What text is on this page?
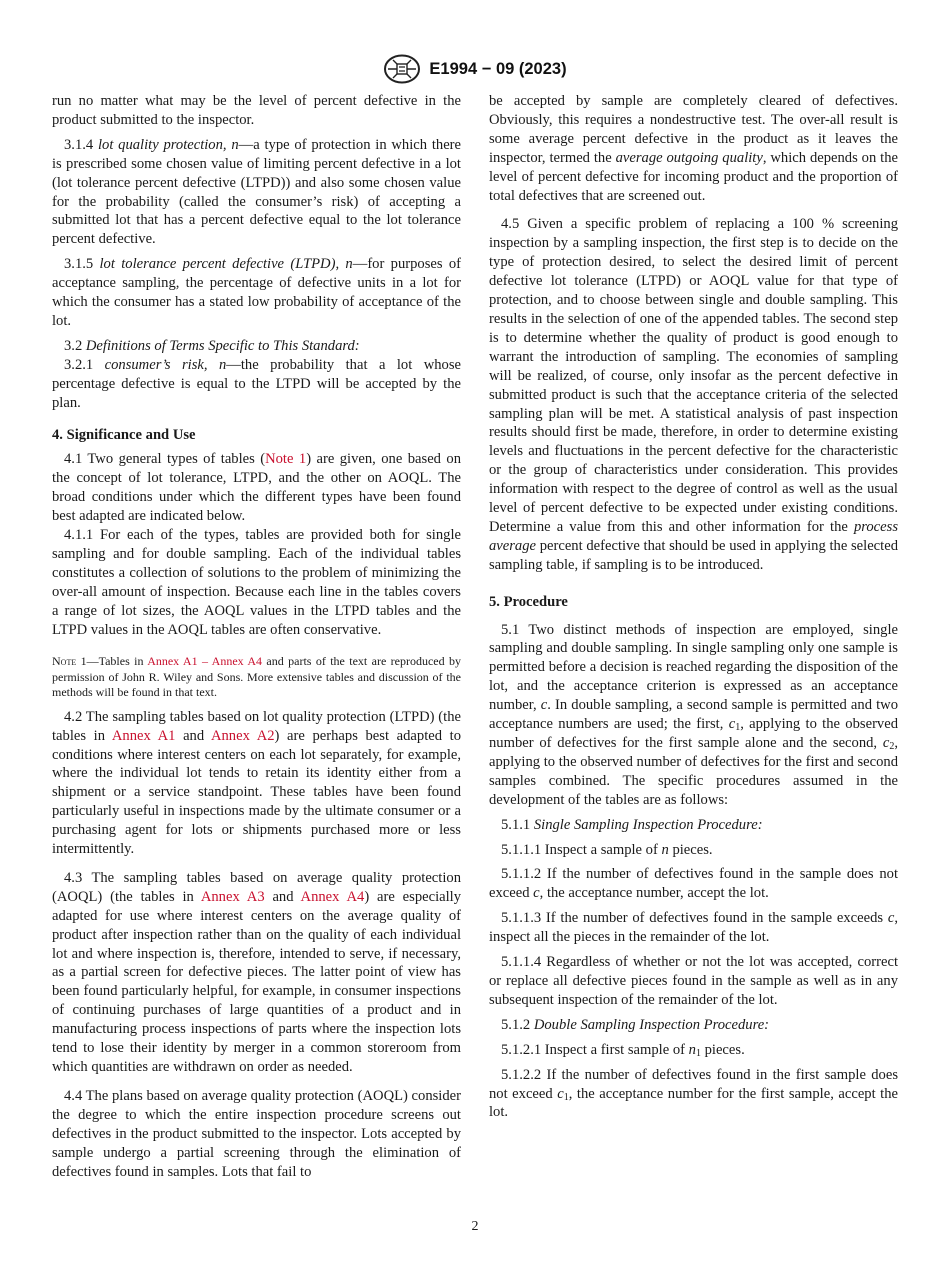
E1994 − 09 (2023)

run no matter what may be the level of percent defective in the product submitted to the inspector.

3.1.4 lot quality protection, n—a type of protection in which there is prescribed some chosen value of limiting percent defective in a lot (lot tolerance percent defective (LTPD)) and also some chosen value for the probability (called the consumer’s risk) of accepting a submitted lot that has a percent defective equal to the lot tolerance percent defective.

3.1.5 lot tolerance percent defective (LTPD), n—for purposes of acceptance sampling, the percentage of defective units in a lot for which the consumer has a stated low probability of acceptance of the lot.

3.2 Definitions of Terms Specific to This Standard:

3.2.1 consumer’s risk, n—the probability that a lot whose percentage defective is equal to the LTPD will be accepted by the plan.

4. Significance and Use

4.1 Two general types of tables (Note 1) are given, one based on the concept of lot tolerance, LTPD, and the other on AOQL. The broad conditions under which the different types have been found best adapted are indicated below.

4.1.1 For each of the types, tables are provided both for single sampling and for double sampling. Each of the individual tables constitutes a collection of solutions to the problem of minimizing the over-all amount of inspection. Because each line in the tables covers a range of lot sizes, the AOQL values in the LTPD tables and the LTPD values in the AOQL tables are often conservative.

Note 1—Tables in Annex A1 – Annex A4 and parts of the text are reproduced by permission of John R. Wiley and Sons. More extensive tables and discussion of the methods will be found in that text.

4.2 The sampling tables based on lot quality protection (LTPD) (the tables in Annex A1 and Annex A2) are perhaps best adapted to conditions where interest centers on each lot separately, for example, where the individual lot tends to retain its identity either from a shipment or a service standpoint. These tables have been found particularly useful in inspections made by the ultimate consumer or a purchasing agent for lots or shipments purchased more or less intermittently.

4.3 The sampling tables based on average quality protection (AOQL) (the tables in Annex A3 and Annex A4) are especially adapted for use where interest centers on the average quality of product after inspection rather than on the quality of each individual lot and where inspection is, therefore, intended to serve, if necessary, as a partial screen for defective pieces. The latter point of view has been found particularly helpful, for example, in consumer inspections of continuing purchases of large quantities of a product and in manufacturing process inspections of parts where the inspection lots tend to lose their identity by merger in a common storeroom from which quantities are withdrawn on order as needed.

4.4 The plans based on average quality protection (AOQL) consider the degree to which the entire inspection procedure screens out defectives in the product submitted to the inspector. Lots accepted by sample undergo a partial screening through the elimination of defectives found in samples. Lots that fail to

be accepted by sample are completely cleared of defectives. Obviously, this requires a nondestructive test. The over-all result is some average percent defective in the product as it leaves the inspector, termed the average outgoing quality, which depends on the level of percent defective for incoming product and the proportion of total defectives that are screened out.

4.5 Given a specific problem of replacing a 100 % screening inspection by a sampling inspection, the first step is to decide on the type of protection desired, to select the desired limit of percent defective lot tolerance (LTPD) or AOQL value for that type of protection, and to choose between single and double sampling. This results in the selection of one of the appended tables. The second step is to determine whether the quality of product is good enough to warrant the introduction of sampling. The economies of sampling will be realized, of course, only insofar as the percent defective in submitted product is such that the acceptance criteria of the selected sampling plan will be met. A statistical analysis of past inspection results should first be made, therefore, in order to determine existing levels and fluctuations in the percent defective for the characteristic or the group of characteristics under consideration. This provides information with respect to the degree of control as well as the usual level of percent defective to be expected under existing conditions. Determine a value from this and other information for the process average percent defective that should be used in applying the selected sampling table, if sampling is to be introduced.

5. Procedure

5.1 Two distinct methods of inspection are employed, single sampling and double sampling. In single sampling only one sample is permitted before a decision is reached regarding the disposition of the lot, and the acceptance criterion is expressed as an acceptance number, c. In double sampling, a second sample is permitted and two acceptance numbers are used; the first, $c_1$, applying to the observed number of defectives for the first sample alone and the second, $c_2$, applying to the observed number of defectives for the first and second samples combined. The specific procedures assumed in the development of the tables are as follows:

5.1.1 Single Sampling Inspection Procedure:

5.1.1.1 Inspect a sample of n pieces.

5.1.1.2 If the number of defectives found in the sample does not exceed c, the acceptance number, accept the lot.

5.1.1.3 If the number of defectives found in the sample exceeds c, inspect all the pieces in the remainder of the lot.

5.1.1.4 Regardless of whether or not the lot was accepted, correct or replace all defective pieces found in the sample as well as in any subsequent inspection of the remainder of the lot.

5.1.2 Double Sampling Inspection Procedure:

5.1.2.1 Inspect a first sample of $n_1$ pieces.

5.1.2.2 If the number of defectives found in the first sample does not exceed $c_1$, the acceptance number for the first sample, accept the lot.

2
